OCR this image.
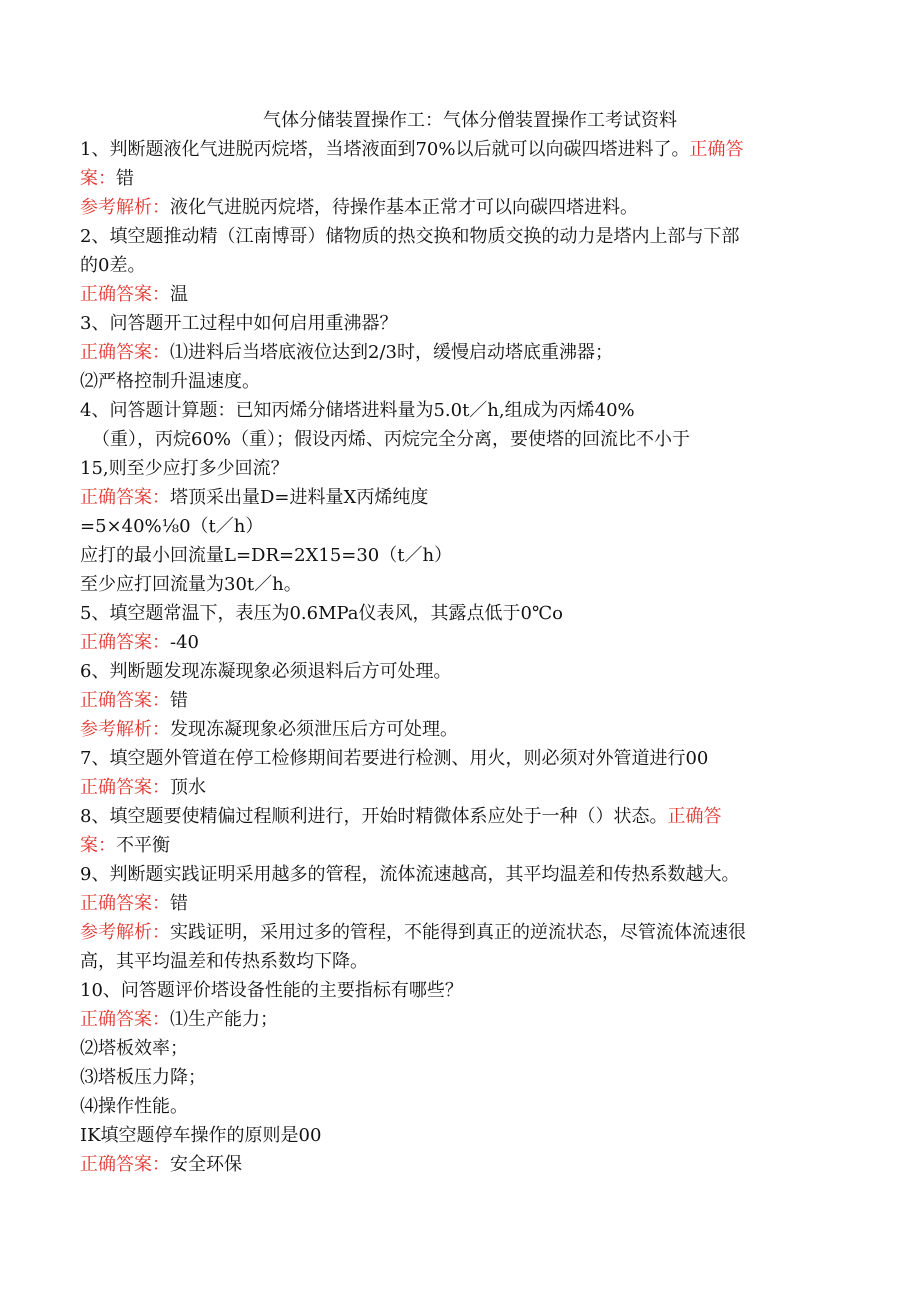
气体分储装置操作工：气体分僧装置操作工考试资料
1、判断题液化气进脱丙烷塔，当塔液面到70%以后就可以向碳四塔进料了。正确答
案：错
参考解析：液化气进脱丙烷塔，待操作基本正常才可以向碳四塔进料。
2、填空题推动精（江南博哥）储物质的热交换和物质交换的动力是塔内上部与下部
的0差。
正确答案：温
3、问答题开工过程中如何启用重沸器？
正确答案：⑴进料后当塔底液位达到2/3时，缓慢启动塔底重沸器；
⑵严格控制升温速度。
4、问答题计算题：已知丙烯分储塔进料量为5.0t／h,组成为丙烯40%
（重），丙烷60%（重）；假设丙烯、丙烷完全分离，要使塔的回流比不小于
15,则至少应打多少回流？
正确答案：塔顶采出量D=进料量X丙烯纯度
=5×40%⅛0（t／h）
应打的最小回流量L=DR=2X15=30（t／h）
至少应打回流量为30t／h。
5、填空题常温下，表压为0.6MPa仪表风，其露点低于0℃o
正确答案：-40
6、判断题发现冻凝现象必须退料后方可处理。
正确答案：错
参考解析：发现冻凝现象必须泄压后方可处理。
7、填空题外管道在停工检修期间若要进行检测、用火，则必须对外管道进行00
正确答案：顶水
8、填空题要使精偏过程顺利进行，开始时精微体系应处于一种（）状态。正确答
案：不平衡
9、判断题实践证明采用越多的管程，流体流速越高，其平均温差和传热系数越大。
正确答案：错
参考解析：实践证明，采用过多的管程，不能得到真正的逆流状态，尽管流体流速很
高，其平均温差和传热系数均下降。
10、问答题评价塔设备性能的主要指标有哪些？
正确答案：⑴生产能力；
⑵塔板效率；
⑶塔板压力降；
⑷操作性能。
IK填空题停车操作的原则是00
正确答案：安全环保
